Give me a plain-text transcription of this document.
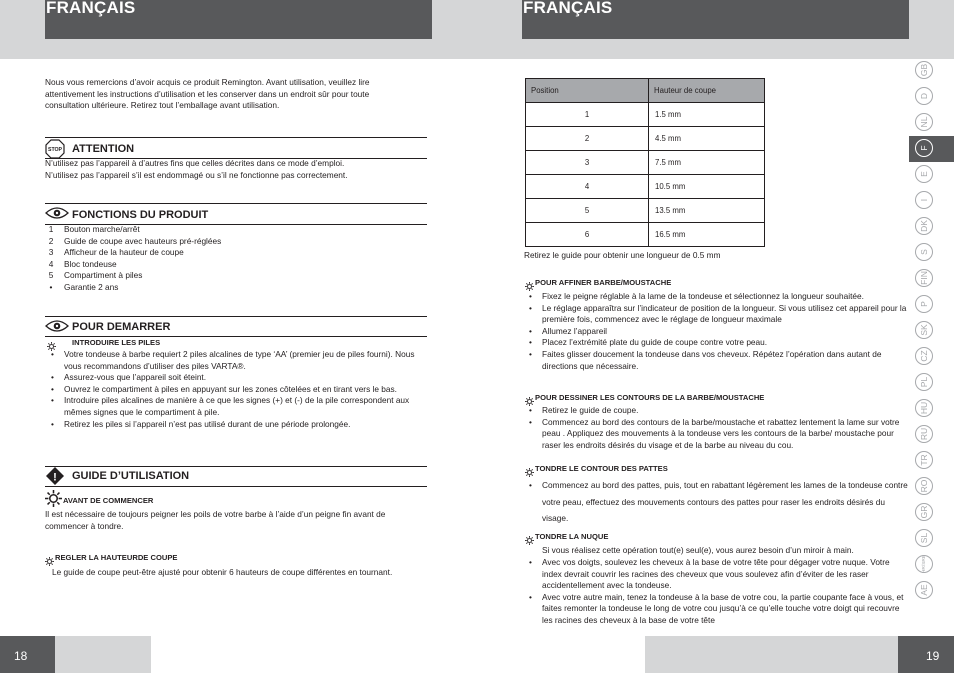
FRANÇAIS	FRANÇAIS
Nous vous remercions d’avoir acquis ce produit Remington. Avant utilisation, veuillez lire attentivement les instructions d’utilisation et les conserver dans un endroit sûr pour toute consultation ultérieure. Retirez tout l’emballage avant utilisation.
STOP ATTENTION
N’utilisez pas l’appareil à d’autres fins que celles décrites dans ce mode d’emploi.
N’utilisez pas l’appareil s’il est endommagé ou s’il ne fonctionne pas correctement.
FONCTIONS DU PRODUIT
1	Bouton marche/arrêt
2	Guide de coupe avec hauteurs pré-réglées
3	Afficheur de la hauteur de coupe
4	Bloc tondeuse
5	Compartiment à piles
•	Garantie 2 ans
POUR DEMARRER
INTRODUIRE LES PILES
• Votre tondeuse à barbe requiert 2 piles alcalines de type ‘AA’ (premier jeu de piles fourni). Nous vous recommandons d’utiliser des piles VARTA®.
• Assurez-vous que l’appareil soit éteint.
• Ouvrez le compartiment à piles en appuyant sur les zones côtelées et en tirant vers le bas.
• Introduire piles alcalines de manière à ce que les signes (+) et (-) de la pile correspondent aux mêmes signes que le compartiment à pile.
• Retirez les piles si l’appareil n’est pas utilisé durant de une période prolongée.
! GUIDE D’UTILISATION
AVANT DE COMMENCER
Il est nécessaire de toujours peigner les poils de votre barbe à l’aide d’un peigne fin avant de commencer à tondre.
REGLER LA HAUTEURDE COUPE
Le guide de coupe peut-être ajusté pour obtenir 6 hauteurs de coupe différentes en tournant.
Position	Hauteur de coupe
1	1.5 mm
2	4.5 mm
3	7.5 mm
4	10.5 mm
5	13.5 mm
6	16.5 mm
Retirez le guide pour obtenir une longueur de 0.5 mm
POUR AFFINER BARBE/MOUSTACHE
• Fixez le peigne réglable à la lame de la tondeuse et sélectionnez la longueur souhaitée.
• Le réglage apparaîtra sur l’indicateur de position de la longueur. Si vous utilisez cet appareil pour la première fois, commencez avec le réglage de longueur maximale
• Allumez l’appareil
• Placez l’extrémité plate du guide de coupe contre votre peau.
• Faites glisser doucement la tondeuse dans vos cheveux. Répétez l’opération dans autant de directions que nécessaire.
POUR DESSINER LES CONTOURS DE LA BARBE/MOUSTACHE
• Retirez le guide de coupe.
• Commencez au bord des contours de la barbe/moustache et rabattez lentement la lame sur votre peau . Appliquez des mouvements à la tondeuse vers les contours de la barbe/ moustache pour raser les endroits désirés du visage et de la barbe au niveau du cou.
TONDRE LE CONTOUR DES PATTES
• Commencez au bord des pattes, puis, tout en rabattant légèrement les lames de la tondeuse contre votre peau, effectuez des mouvements contours des pattes pour raser les endroits désirés du visage.
TONDRE LA NUQUE
Si vous réalisez cette opération tout(e) seul(e), vous aurez besoin d’un miroir à main.
• Avec vos doigts, soulevez les cheveux à la base de votre tête pour dégager votre nuque. Votre index devrait couvrir les racines des cheveux que vous soulevez afin d’éviter de les raser accidentellement avec la tondeuse.
• Avec votre autre main, tenez la tondeuse à la base de votre cou, la partie coupante face à vous, et faites remonter la tondeuse le long de votre cou jusqu’à ce qu’elle touche votre doigt qui recouvre les racines des cheveux à la base de votre tête
GB
D
NL
F
E
I
DK
S
FIN
P
SK
CZ
PL
HU
RU
TR
RO
GR
SL
HR/SRB
AE
18	19
